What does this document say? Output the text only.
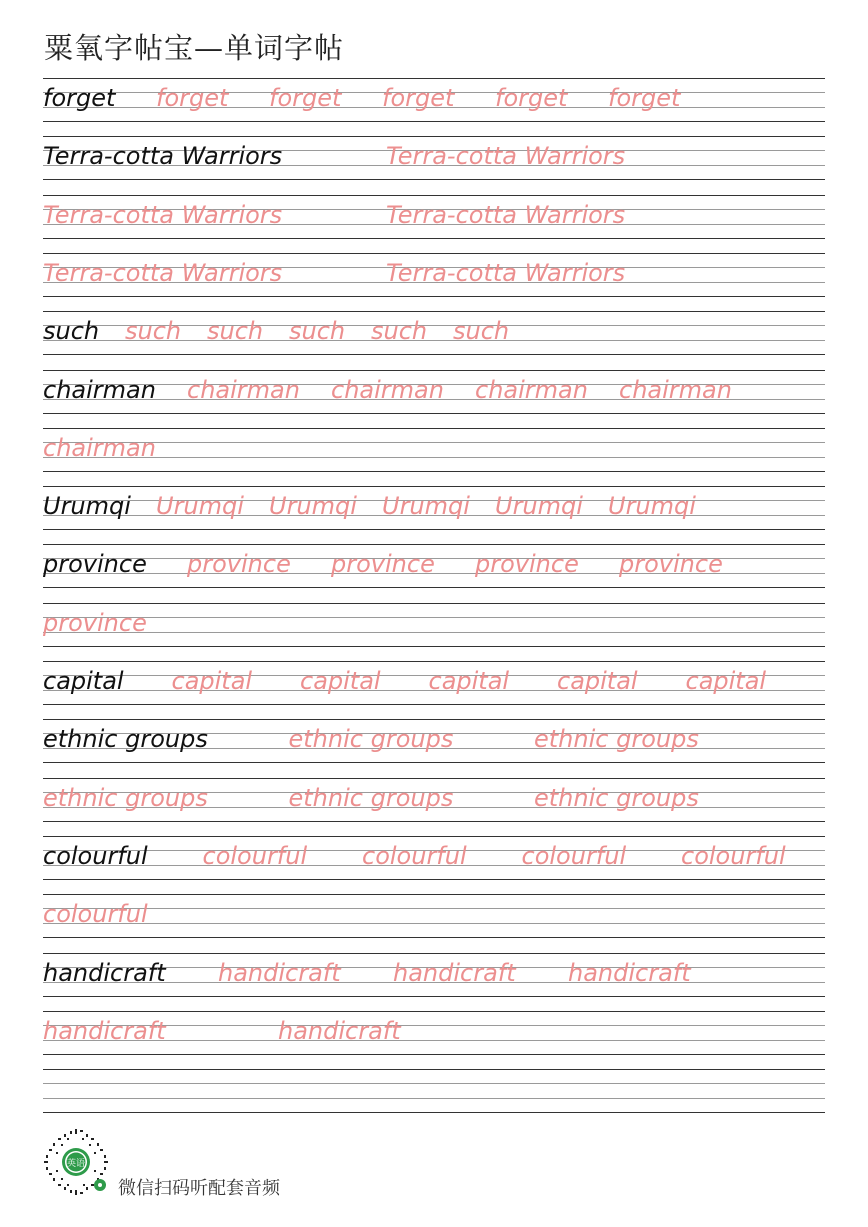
粟氧字帖宝—单词字帖
forget forget forget forget forget forget
Terra-cotta Warriors	Terra-cotta Warriors
Terra-cotta Warriors	Terra-cotta Warriors
Terra-cotta Warriors	Terra-cotta Warriors
such such such such such such
chairman chairman chairman chairman chairman
chairman
Urumqi Urumqi Urumqi Urumqi Urumqi Urumqi
province province province province province
province
capital capital capital capital capital capital
ethnic groups	ethnic groups	ethnic groups
ethnic groups	ethnic groups	ethnic groups
colourful colourful colourful colourful colourful
colourful
handicraft handicraft handicraft handicraft
handicraft	handicraft
英语
微信扫码听配套音频
